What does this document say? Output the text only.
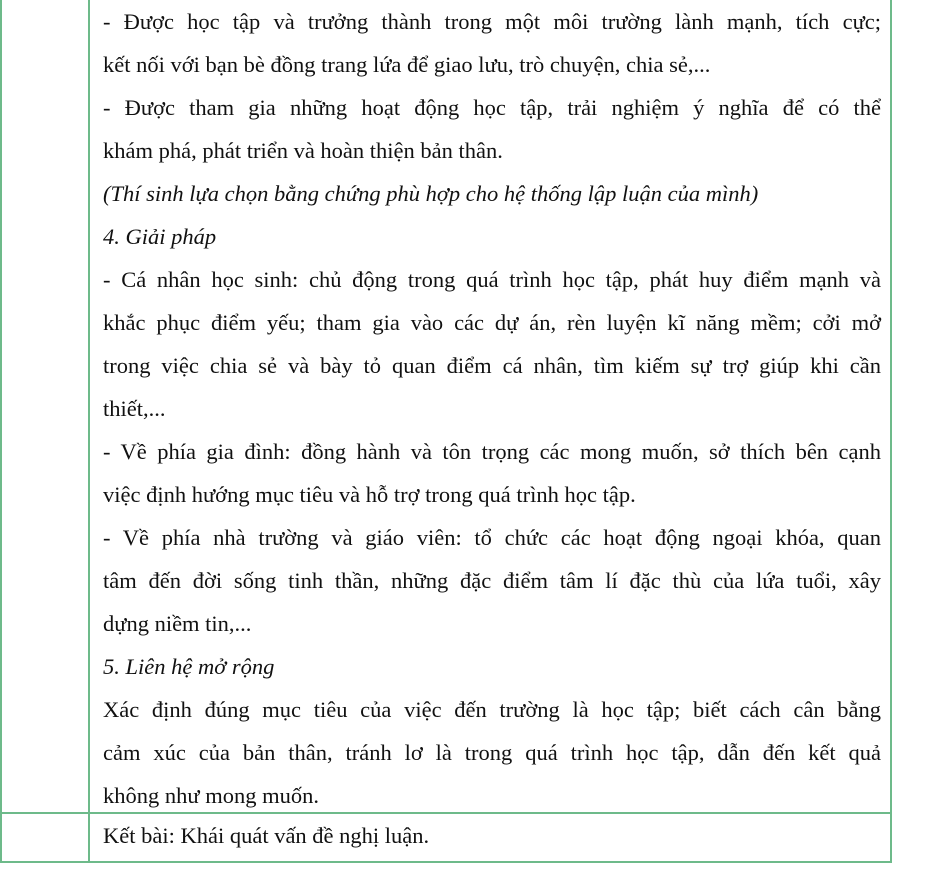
- Được học tập và trưởng thành trong một môi trường lành mạnh, tích cực;
kết nối với bạn bè đồng trang lứa để giao lưu, trò chuyện, chia sẻ,...
- Được tham gia những hoạt động học tập, trải nghiệm ý nghĩa để có thể
khám phá, phát triển và hoàn thiện bản thân.
(Thí sinh lựa chọn bằng chứng phù hợp cho hệ thống lập luận của mình)
4. Giải pháp
- Cá nhân học sinh: chủ động trong quá trình học tập, phát huy điểm mạnh và
khắc phục điểm yếu; tham gia vào các dự án, rèn luyện kĩ năng mềm; cởi mở
trong việc chia sẻ và bày tỏ quan điểm cá nhân, tìm kiếm sự trợ giúp khi cần
thiết,...
- Về phía gia đình: đồng hành và tôn trọng các mong muốn, sở thích bên cạnh
việc định hướng mục tiêu và hỗ trợ trong quá trình học tập.
- Về phía nhà trường và giáo viên: tổ chức các hoạt động ngoại khóa, quan
tâm đến đời sống tinh thần, những đặc điểm tâm lí đặc thù của lứa tuổi, xây
dựng niềm tin,...
5. Liên hệ mở rộng
Xác định đúng mục tiêu của việc đến trường là học tập; biết cách cân bằng
cảm xúc của bản thân, tránh lơ là trong quá trình học tập, dẫn đến kết quả
không như mong muốn.
Kết bài: Khái quát vấn đề nghị luận.
